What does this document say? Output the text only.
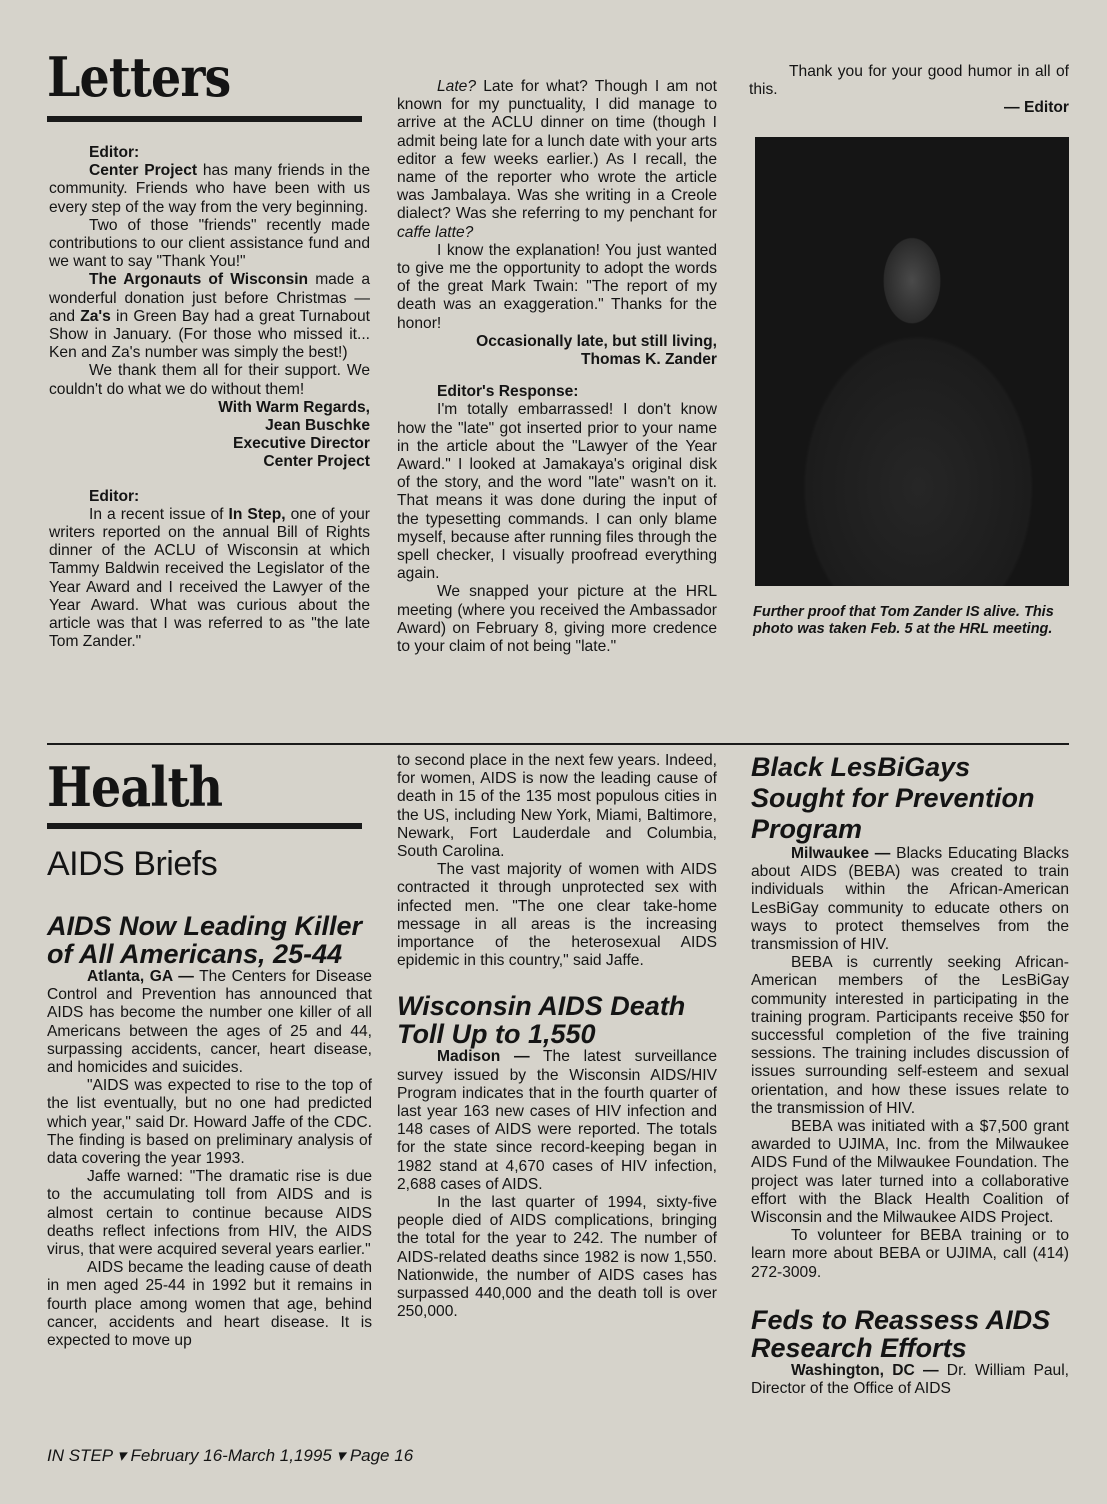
Letters

Editor:

Center Project has many friends in the community. Friends who have been with us every step of the way from the very beginning.

Two of those "friends" recently made contributions to our client assistance fund and we want to say "Thank You!"

The Argonauts of Wisconsin made a wonderful donation just before Christmas — and Za's in Green Bay had a great Turnabout Show in January. (For those who missed it... Ken and Za's number was simply the best!)

We thank them all for their support. We couldn't do what we do without them!

With Warm Regards,

Jean Buschke

Executive Director

Center Project

Editor:

In a recent issue of In Step, one of your writers reported on the annual Bill of Rights dinner of the ACLU of Wisconsin at which Tammy Baldwin received the Legislator of the Year Award and I received the Lawyer of the Year Award. What was curious about the article was that I was referred to as "the late Tom Zander."

Late? Late for what? Though I am not known for my punctuality, I did manage to arrive at the ACLU dinner on time (though I admit being late for a lunch date with your arts editor a few weeks earlier.) As I recall, the name of the reporter who wrote the article was Jambalaya. Was she writing in a Creole dialect? Was she referring to my penchant for caffe latte?

I know the explanation! You just wanted to give me the opportunity to adopt the words of the great Mark Twain: "The report of my death was an exaggeration." Thanks for the honor!

Occasionally late, but still living,

Thomas K. Zander

Editor's Response:

I'm totally embarrassed! I don't know how the "late" got inserted prior to your name in the article about the "Lawyer of the Year Award." I looked at Jamakaya's original disk of the story, and the word "late" wasn't on it. That means it was done during the input of the typesetting commands. I can only blame myself, because after running files through the spell checker, I visually proofread everything again.

We snapped your picture at the HRL meeting (where you received the Ambassador Award) on February 8, giving more credence to your claim of not being "late."

Thank you for your good humor in all of this.

— Editor

Further proof that Tom Zander IS alive. This photo was taken Feb. 5 at the HRL meeting.
Health
AIDS Briefs
AIDS Now Leading Killer of All Americans, 25-44

Atlanta, GA — The Centers for Disease Control and Prevention has announced that AIDS has become the number one killer of all Americans between the ages of 25 and 44, surpassing accidents, cancer, heart disease, and homicides and suicides.

"AIDS was expected to rise to the top of the list eventually, but no one had predicted which year," said Dr. Howard Jaffe of the CDC. The finding is based on preliminary analysis of data covering the year 1993.

Jaffe warned: "The dramatic rise is due to the accumulating toll from AIDS and is almost certain to continue because AIDS deaths reflect infections from HIV, the AIDS virus, that were acquired several years earlier."

AIDS became the leading cause of death in men aged 25-44 in 1992 but it remains in fourth place among women that age, behind cancer, accidents and heart disease. It is expected to move up

to second place in the next few years. Indeed, for women, AIDS is now the leading cause of death in 15 of the 135 most populous cities in the US, including New York, Miami, Baltimore, Newark, Fort Lauderdale and Columbia, South Carolina.

The vast majority of women with AIDS contracted it through unprotected sex with infected men. "The one clear take-home message in all areas is the increasing importance of the heterosexual AIDS epidemic in this country," said Jaffe.

Wisconsin AIDS Death Toll Up to 1,550

Madison — The latest surveillance survey issued by the Wisconsin AIDS/HIV Program indicates that in the fourth quarter of last year 163 new cases of HIV infection and 148 cases of AIDS were reported. The totals for the state since record-keeping began in 1982 stand at 4,670 cases of HIV infection, 2,688 cases of AIDS.

In the last quarter of 1994, sixty-five people died of AIDS complications, bringing the total for the year to 242. The number of AIDS-related deaths since 1982 is now 1,550. Nationwide, the number of AIDS cases has surpassed 440,000 and the death toll is over 250,000.

Black LesBiGays Sought for Prevention Program

Milwaukee — Blacks Educating Blacks about AIDS (BEBA) was created to train individuals within the African-American LesBiGay community to educate others on ways to protect themselves from the transmission of HIV.

BEBA is currently seeking African-American members of the LesBiGay community interested in participating in the training program. Participants receive $50 for successful completion of the five training sessions. The training includes discussion of issues surrounding self-esteem and sexual orientation, and how these issues relate to the transmission of HIV.

BEBA was initiated with a $7,500 grant awarded to UJIMA, Inc. from the Milwaukee AIDS Fund of the Milwaukee Foundation. The project was later turned into a collaborative effort with the Black Health Coalition of Wisconsin and the Milwaukee AIDS Project.

To volunteer for BEBA training or to learn more about BEBA or UJIMA, call (414) 272-3009.

Feds to Reassess AIDS Research Efforts

Washington, DC — Dr. William Paul, Director of the Office of AIDS

IN STEP ▾ February 16-March 1,1995 ▾ Page 16
